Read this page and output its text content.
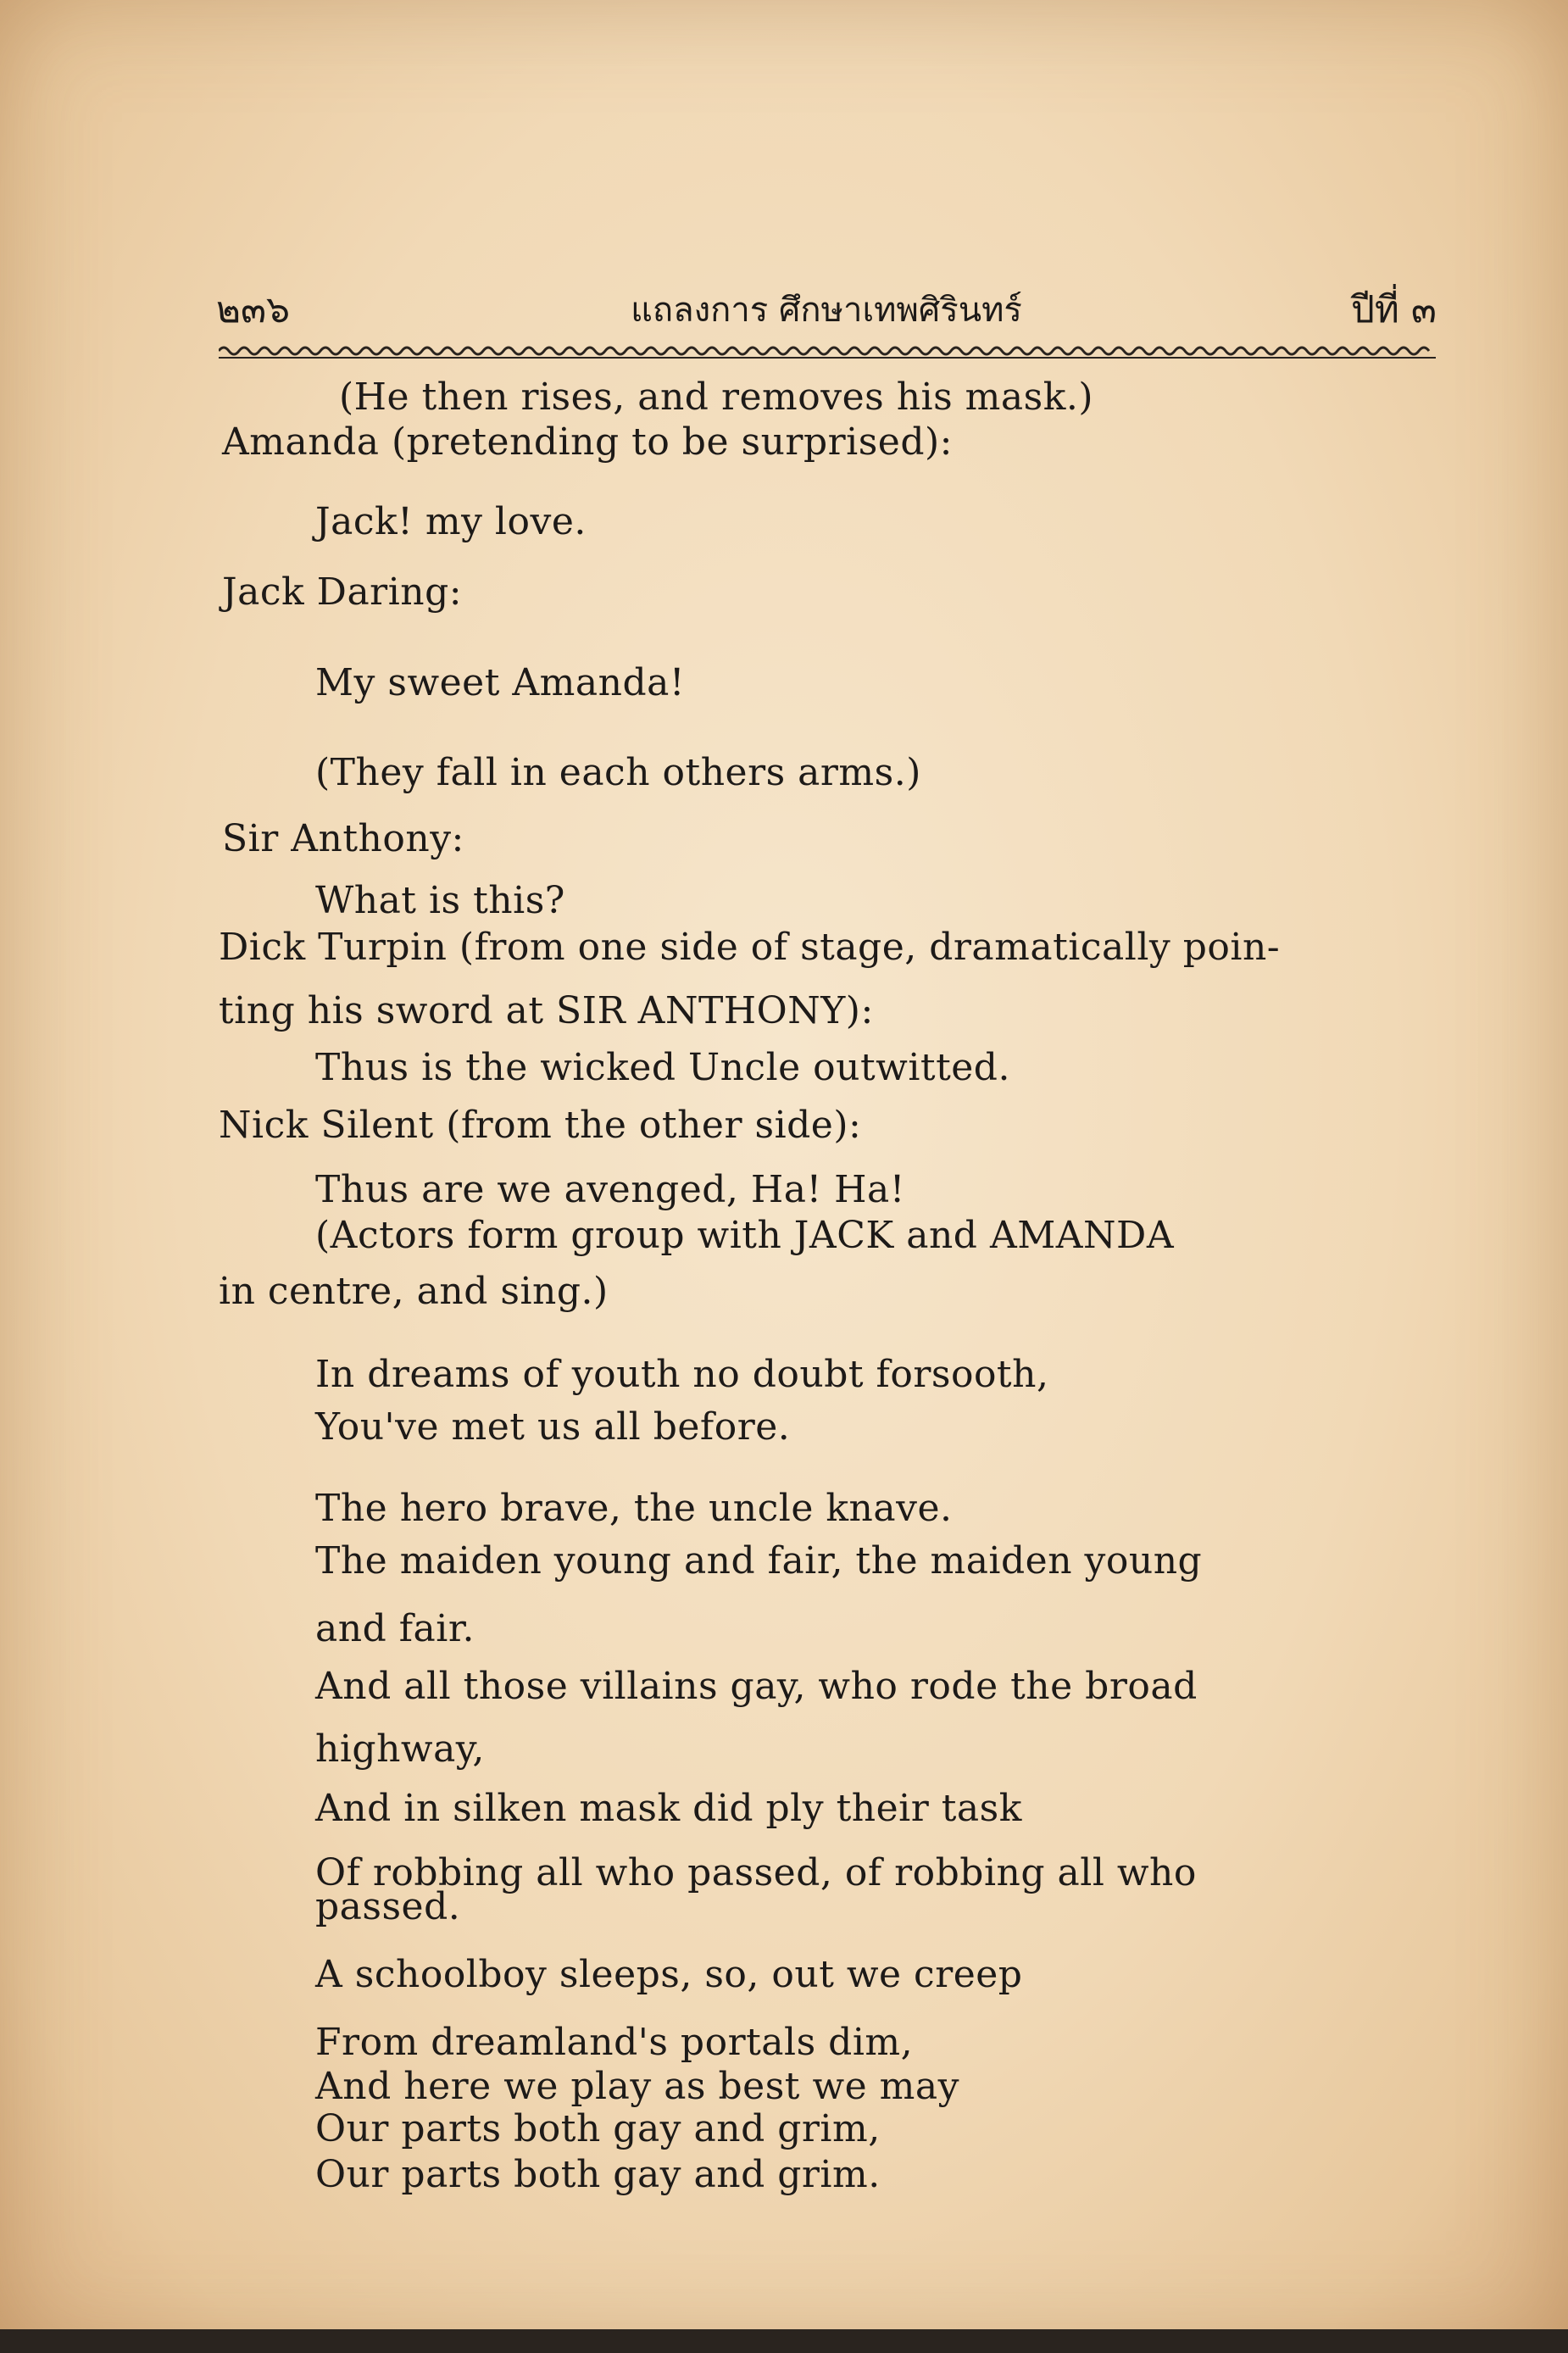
๒๓๖	แถลงการ ศึกษาเทพศิรินทร์	ปีที่ ๓
(He then rises, and removes his mask.)
Amanda (pretending to be surprised):
Jack! my love.
Jack Daring:
My sweet Amanda!
(They fall in each others arms.)
Sir Anthony:
What is this?
Dick Turpin (from one side of stage, dramatically poin-
ting his sword at SIR ANTHONY):
Thus is the wicked Uncle outwitted.
Nick Silent (from the other side):
Thus are we avenged, Ha! Ha!
(Actors form group with JACK and AMANDA
in centre, and sing.)
In dreams of youth no doubt forsooth,
You've met us all before.
The hero brave, the uncle knave.
The maiden young and fair, the maiden young
and fair.
And all those villains gay, who rode the broad
highway,
And in silken mask did ply their task
Of robbing all who passed, of robbing all who
passed.
A schoolboy sleeps, so, out we creep
From dreamland's portals dim,
And here we play as best we may
Our parts both gay and grim,
Our parts both gay and grim.
